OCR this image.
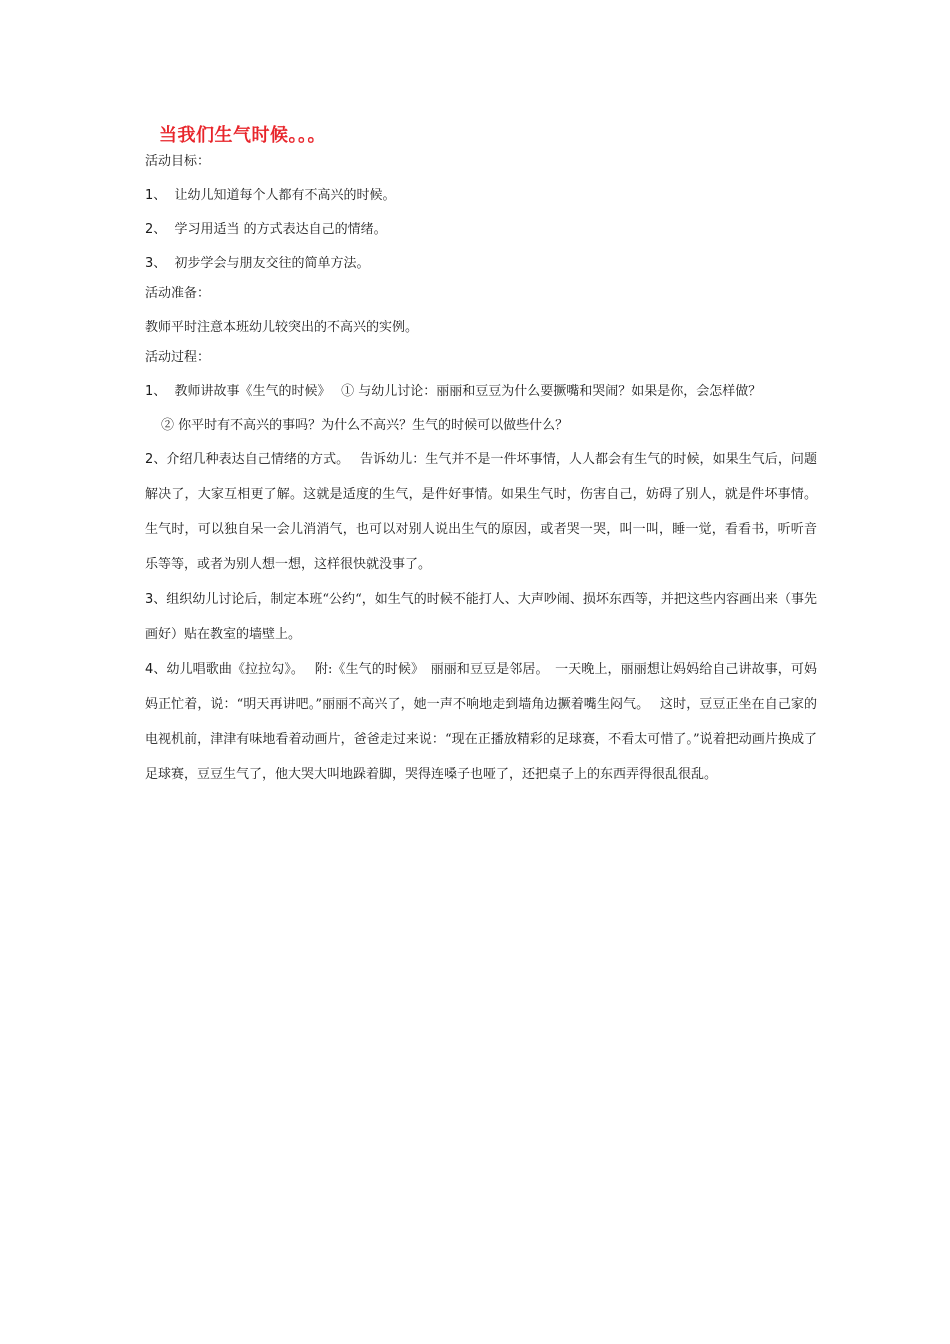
当我们生气时候。。。

活动目标：

1、 让幼儿知道每个人都有不高兴的时候。

2、 学习用适当 的方式表达自己的情绪。

3、 初步学会与朋友交往的简单方法。

活动准备：

教师平时注意本班幼儿较突出的不高兴的实例。

活动过程：

1、 教师讲故事《生气的时候》　 ① 与幼儿讨论：丽丽和豆豆为什么要撅嘴和哭闹？如果是你，会怎样做？

② 你平时有不高兴的事吗？为什么不高兴？生气的时候可以做些什么？

2、介绍几种表达自己情绪的方式。　 告诉幼儿：生气并不是一件坏事情，人人都会有生气的时候，如果生气后，问题解决了，大家互相更了解。这就是适度的生气，是件好事情。如果生气时，伤害自己，妨碍了别人，就是件坏事情。生气时，可以独自呆一会儿消消气，也可以对别人说出生气的原因，或者哭一哭，叫一叫，睡一觉，看看书，听听音乐等等，或者为别人想一想，这样很快就没事了。

3、组织幼儿讨论后，制定本班“公约“，如生气的时候不能打人、大声吵闹、损坏东西等，并把这些内容画出来（事先画好）贴在教室的墙壁上。

4、幼儿唱歌曲《拉拉勾》。　 附:《生气的时候》　丽丽和豆豆是邻居。　一天晚上，丽丽想让妈妈给自己讲故事，可妈妈正忙着，说：“明天再讲吧。”丽丽不高兴了，她一声不响地走到墙角边撅着嘴生闷气。　 这时，豆豆正坐在自己家的电视机前，津津有味地看着动画片，爸爸走过来说：“现在正播放精彩的足球赛，不看太可惜了。”说着把动画片换成了足球赛，豆豆生气了，他大哭大叫地跺着脚，哭得连嗓子也哑了，还把桌子上的东西弄得很乱很乱。
